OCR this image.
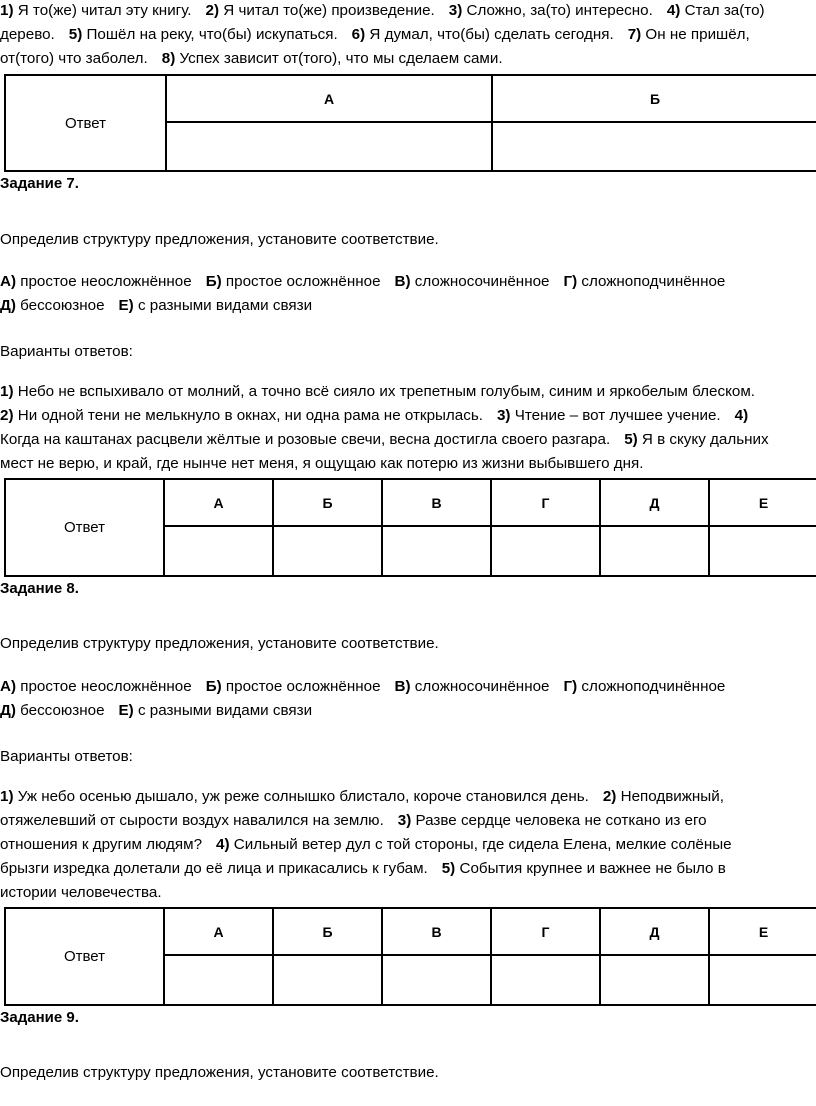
1) Я то(же) читал эту книгу. 2) Я читал то(же) произведение. 3) Сложно, за(то) интересно. 4) Стал за(то)
дерево. 5) Пошёл на реку, что(бы) искупаться. 6) Я думал, что(бы) сделать сегодня. 7) Он не пришёл,
от(того) что заболел. 8) Успех зависит от(того), что мы сделаем сами.
Ответ	А	Б

Задание 7.
Определив структуру предложения, установите соответствие.
А) простое неосложнённое Б) простое осложнённое В) сложносочинённое Г) сложноподчинённое
Д) бессоюзное Е) с разными видами связи
Варианты ответов:
1) Небо не вспыхивало от молний, а точно всё сияло их трепетным голубым, синим и яркобелым блеском.
2) Ни одной тени не мелькнуло в окнах, ни одна рама не открылась. 3) Чтение – вот лучшее учение. 4)
Когда на каштанах расцвели жёлтые и розовые свечи, весна достигла своего разгара. 5) Я в скуку дальних
мест не верю, и край, где нынче нет меня, я ощущаю как потерю из жизни выбывшего дня.
Ответ	А	Б	В	Г	Д	Е

Задание 8.
Определив структуру предложения, установите соответствие.
А) простое неосложнённое Б) простое осложнённое В) сложносочинённое Г) сложноподчинённое
Д) бессоюзное Е) с разными видами связи
Варианты ответов:
1) Уж небо осенью дышало, уж реже солнышко блистало, короче становился день. 2) Неподвижный,
отяжелевший от сырости воздух навалился на землю. 3) Разве сердце человека не соткано из его
отношения к другим людям? 4) Сильный ветер дул с той стороны, где сидела Елена, мелкие солёные
брызги изредка долетали до её лица и прикасались к губам. 5) События крупнее и важнее не было в
истории человечества.
Ответ	А	Б	В	Г	Д	Е

Задание 9.
Определив структуру предложения, установите соответствие.
